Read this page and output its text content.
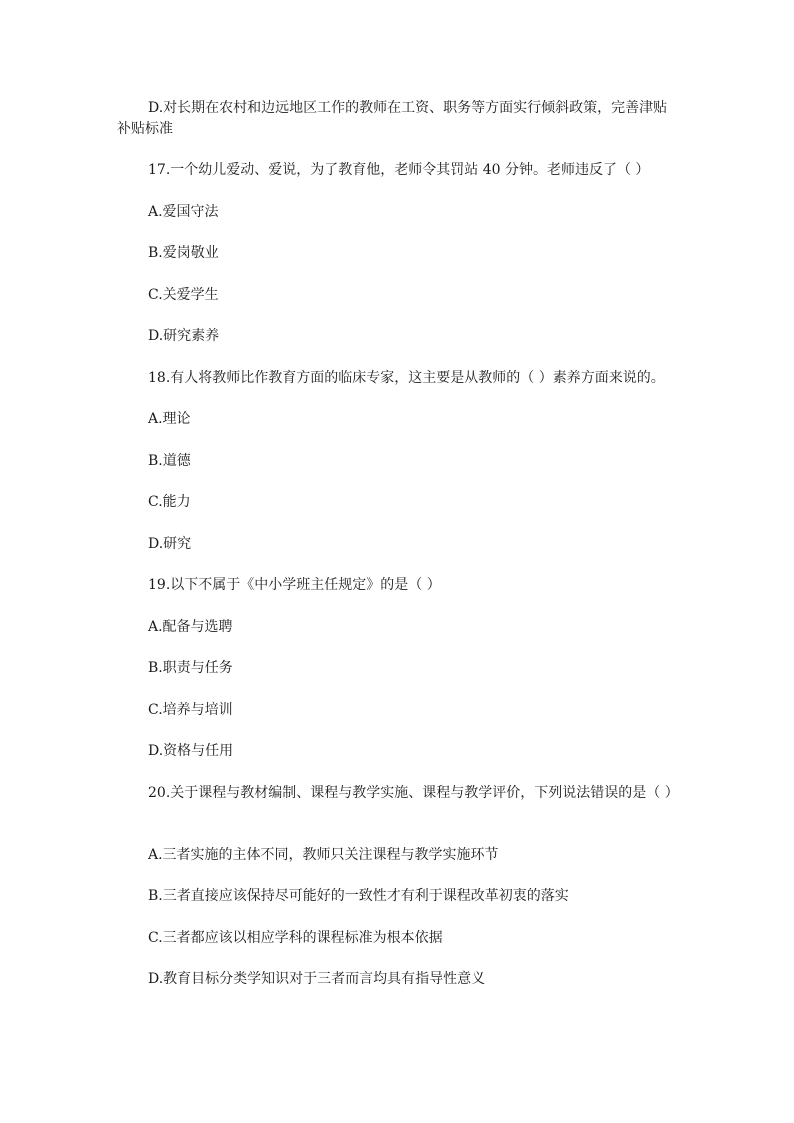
D.对长期在农村和边远地区工作的教师在工资、职务等方面实行倾斜政策，完善津贴补贴标准
17.一个幼儿爱动、爱说，为了教育他，老师令其罚站 40 分钟。老师违反了（ ）
A.爱国守法
B.爱岗敬业
C.关爱学生
D.研究素养
18.有人将教师比作教育方面的临床专家，这主要是从教师的（ ）素养方面来说的。
A.理论
B.道德
C.能力
D.研究
19.以下不属于《中小学班主任规定》的是（ ）
A.配备与选聘
B.职责与任务
C.培养与培训
D.资格与任用
20.关于课程与教材编制、课程与教学实施、课程与教学评价，下列说法错误的是（ ）
A.三者实施的主体不同，教师只关注课程与教学实施环节
B.三者直接应该保持尽可能好的一致性才有利于课程改革初衷的落实
C.三者都应该以相应学科的课程标准为根本依据
D.教育目标分类学知识对于三者而言均具有指导性意义
